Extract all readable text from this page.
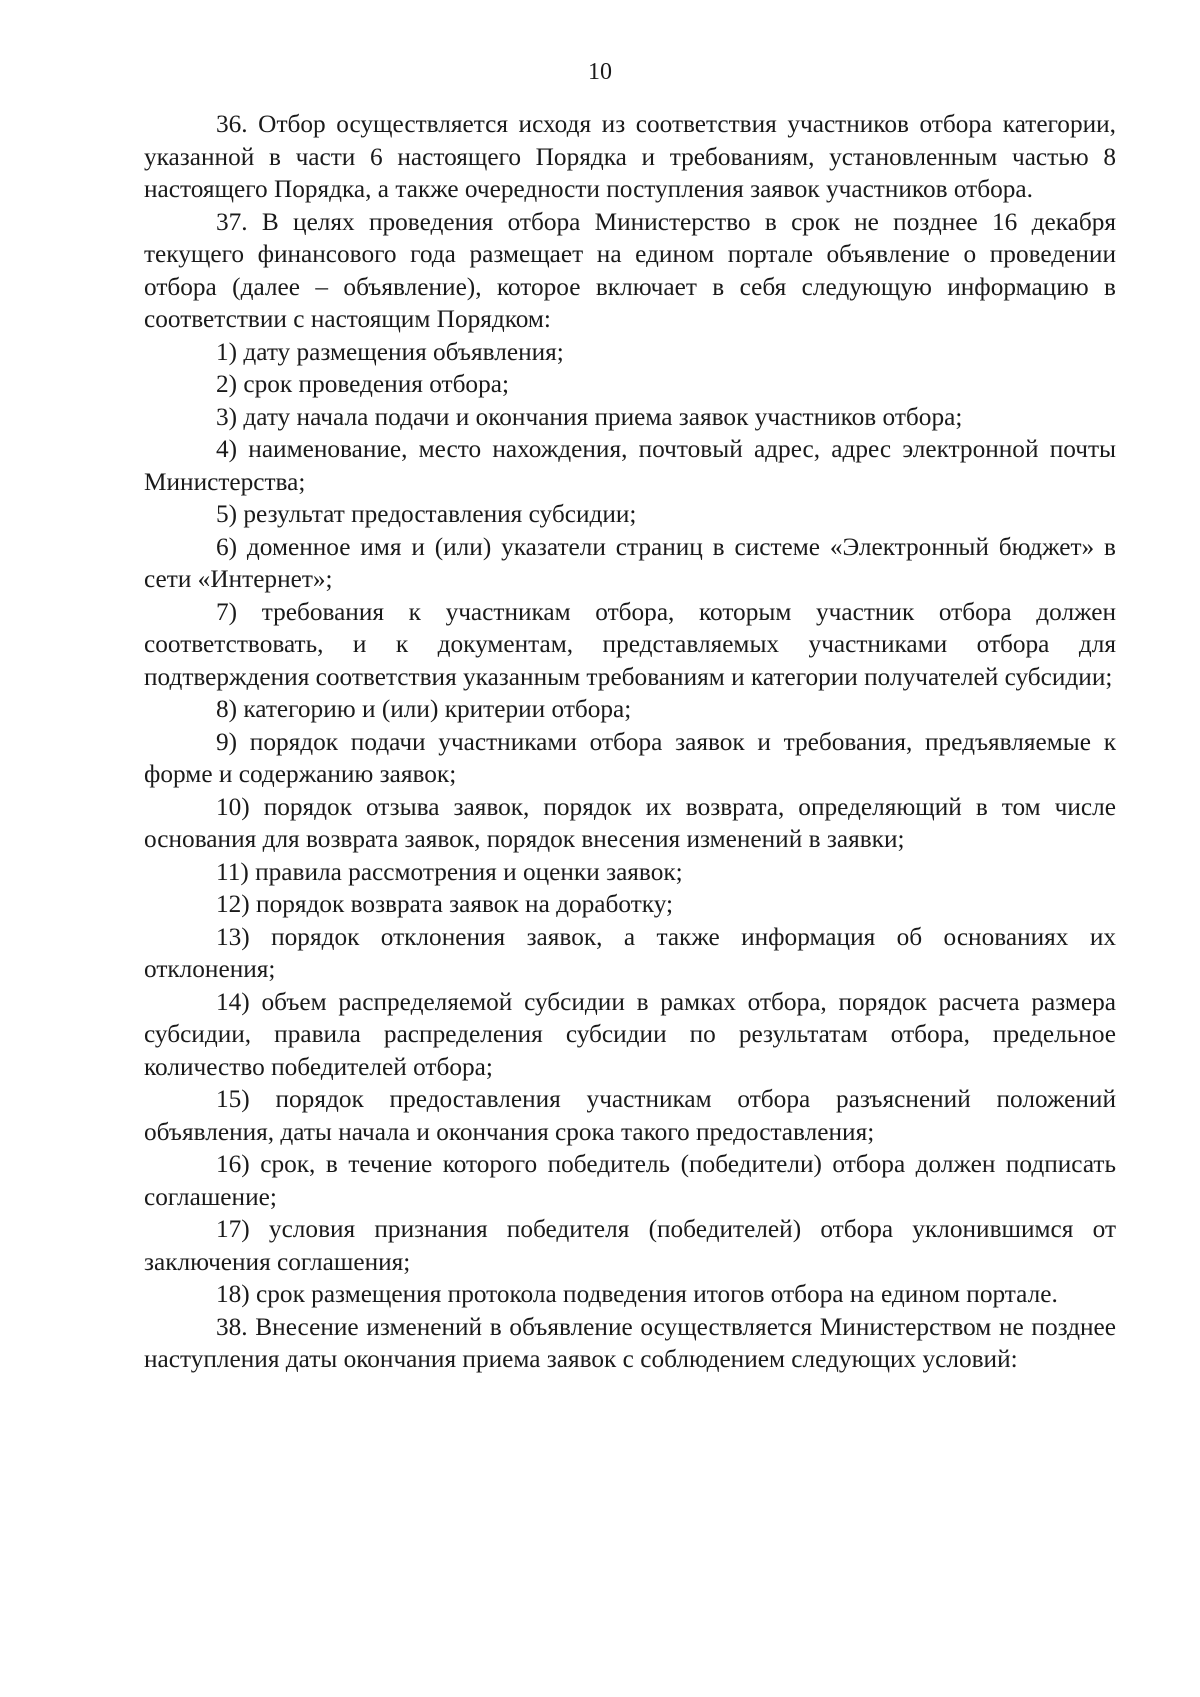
10

36. Отбор осуществляется исходя из соответствия участников отбора категории, указанной в части 6 настоящего Порядка и требованиям, установленным частью 8 настоящего Порядка, а также очередности поступления заявок участников отбора.

37. В целях проведения отбора Министерство в срок не позднее 16 декабря текущего финансового года размещает на едином портале объявление о проведении отбора (далее – объявление), которое включает в себя следующую информацию в соответствии с настоящим Порядком:

1) дату размещения объявления;

2) срок проведения отбора;

3) дату начала подачи и окончания приема заявок участников отбора;

4) наименование, место нахождения, почтовый адрес, адрес электронной почты Министерства;

5) результат предоставления субсидии;

6) доменное имя и (или) указатели страниц в системе «Электронный бюджет» в сети «Интернет»;

7) требования к участникам отбора, которым участник отбора должен соответствовать, и к документам, представляемых участниками отбора для подтверждения соответствия указанным требованиям и категории получателей субсидии;

8) категорию и (или) критерии отбора;

9) порядок подачи участниками отбора заявок и требования, предъявляемые к форме и содержанию заявок;

10) порядок отзыва заявок, порядок их возврата, определяющий в том числе основания для возврата заявок, порядок внесения изменений в заявки;

11) правила рассмотрения и оценки заявок;

12) порядок возврата заявок на доработку;

13) порядок отклонения заявок, а также информация об основаниях их отклонения;

14) объем распределяемой субсидии в рамках отбора, порядок расчета размера субсидии, правила распределения субсидии по результатам отбора, предельное количество победителей отбора;

15) порядок предоставления участникам отбора разъяснений положений объявления, даты начала и окончания срока такого предоставления;

16) срок, в течение которого победитель (победители) отбора должен подписать соглашение;

17) условия признания победителя (победителей) отбора уклонившимся от заключения соглашения;

18) срок размещения протокола подведения итогов отбора на едином портале.

38. Внесение изменений в объявление осуществляется Министерством не позднее наступления даты окончания приема заявок с соблюдением следующих условий:
